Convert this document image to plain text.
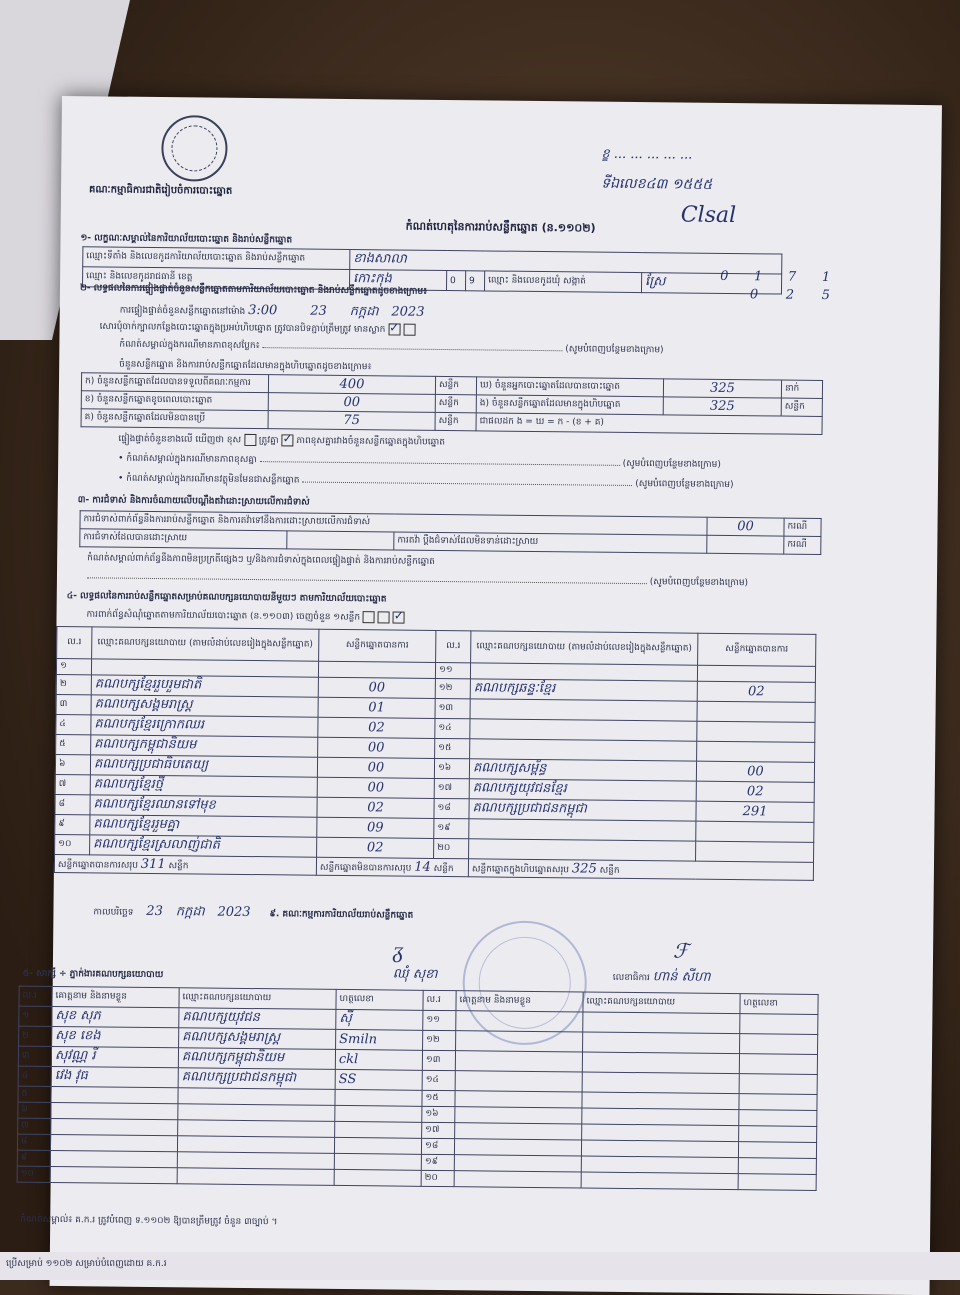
គណៈកម្មាធិការជាតិរៀបចំការបោះឆ្នោត
ខ្ខ ... ... ... ... ...
ទីឯលេខ៤៣ ១៥៥៥
Clsal
កំណត់ហេតុនៃការរាប់សន្លឹកឆ្នោត (ន.១១០២)
១- លក្ខណៈសម្គាល់នៃការិយាល័យបោះឆ្នោត និងរាប់សន្លឹកឆ្នោត
ឈ្មោះទីតាំង និងលេខកូដការិយាល័យបោះឆ្នោត និងរាប់សន្លឹកឆ្នោត	ខាងសាលា				
ឈ្មោះ និងលេខកូដរាជធានី ខេត្ត	កោះកុង	0	9	ឈ្មោះ និងលេខកូដឃុំ សង្កាត់	ស្រែ	0 1 7 1
0 2 5
២- លទ្ធផលនៃការផ្ទៀងផ្ទាត់ចំនួនសន្លឹកឆ្នោតតាមការិយាល័យបោះឆ្នោត និងរាប់សន្លឹកឆ្នោតដូចខាងក្រោម៖
ការផ្ទៀងផ្ទាត់ចំនួនសន្លឹកឆ្នោតនៅម៉ោង 3:00	23 កក្កដា 2023
សោរបុំចាក់ក្បាលកន្លែងបោះឆ្នោតក្នុងប្រអប់ហិបឆ្នោត ត្រូវបានបិទភ្ជាប់ត្រឹមត្រូវ មានស្លាក ✓
កំណត់សម្គាល់ក្នុងករណីមានភាពខុសប្លែក៖	(សូមបំពេញបន្ថែមខាងក្រោម)
ចំនួនសន្លឹកឆ្នោត និងការរាប់សន្លឹកឆ្នោតដែលមានក្នុងហិបឆ្នោតដូចខាងក្រោម៖
ក) ចំនួនសន្លឹកឆ្នោតដែលបានទទួលពីគណៈកម្មការ	400	សន្លឹក	ឃ) ចំនួនអ្នកបោះឆ្នោតដែលបានបោះឆ្នោត	325	នាក់
ខ) ចំនួនសន្លឹកឆ្នោតខូចពេលបោះឆ្នោត	00	សន្លឹក	ង) ចំនួនសន្លឹកឆ្នោតដែលមានក្នុងហិបឆ្នោត	325	សន្លឹក
គ) ចំនួនសន្លឹកឆ្នោតដែលមិនបានប្រើ	75	សន្លឹក	ជាផលដក ង = ឃ = ក - (ខ + គ)		
ផ្ទៀងផ្ទាត់ចំនួនខាងលើ ឃើញថា ខុស ត្រូវគ្នា ✓ ភាពខុសគ្នារវាងចំនួនសន្លឹកឆ្នោតក្នុងហិបឆ្នោត
• កំណត់សម្គាល់ក្នុងករណីមានភាពខុសគ្នា	(សូមបំពេញបន្ថែមខាងក្រោម)
• កំណត់សម្គាល់ក្នុងករណីមានវត្ថុមិនមែនជាសន្លឹកឆ្នោត	(សូមបំពេញបន្ថែមខាងក្រោម)
៣- ការជំទាស់ និងការចំណាយលើបណ្ដឹងតវ៉ាដោះស្រាយលើការជំទាស់
ការជំទាស់ពាក់ព័ន្ធនឹងការរាប់សន្លឹកឆ្នោត និងការតវ៉ាទៅនឹងការដោះស្រាយលើការជំទាស់			00	ករណី
ការជំទាស់ដែលបានដោះស្រាយ		ការតវ៉ា ប្ដឹងជំទាស់ដែលមិនទាន់ដោះស្រាយ		ករណី
កំណត់សម្គាល់ពាក់ព័ន្ធនឹងភាពមិនប្រក្រតីផ្សេងៗ ឬ/និងការជំទាស់ក្នុងពេលផ្ទៀងផ្ទាត់ និងការរាប់សន្លឹកឆ្នោត
(សូមបំពេញបន្ថែមខាងក្រោម)
៤- លទ្ធផលនៃការរាប់សន្លឹកឆ្នោតសម្រាប់គណបក្សនយោបាយនីមួយៗ តាមការិយាល័យបោះឆ្នោត
ការពាក់ព័ន្ធសំណុំឆ្នោតតាមការិយាល័យបោះឆ្នោត (ន.១១០៣) ចេញចំនួន ១សន្លឹក   ✓
ល.រ	ឈ្មោះគណបក្សនយោបាយ (តាមលំដាប់លេខរៀងក្នុងសន្លឹកឆ្នោត)	សន្លឹកឆ្នោតបានការ	ល.រ	ឈ្មោះគណបក្សនយោបាយ (តាមលំដាប់លេខរៀងក្នុងសន្លឹកឆ្នោត)	សន្លឹកឆ្នោតបានការ
១			១១		
២	គណបក្សខ្មែររួបរួមជាតិ	00	១២	គណបក្សឆន្ទៈខ្មែរ	02
៣	គណបក្សសង្គមរាស្ត្រ	01	១៣		
៤	គណបក្សខ្មែរក្រោកឈរ	02	១៤		
៥	គណបក្សកម្ពុជានិយម	00	១៥		
៦	គណបក្សប្រជាធិបតេយ្យ	00	១៦	គណបក្សសម្ព័ន្ធ	00
៧	គណបក្សខ្មែរថ្មី	00	១៧	គណបក្សយុវជនខ្មែរ	02
៨	គណបក្សខ្មែរឈានទៅមុខ	02	១៨	គណបក្សប្រជាជនកម្ពុជា	291
៩	គណបក្សខ្មែររួមគ្នា	09	១៩		
១០	គណបក្សខ្មែរស្រលាញ់ជាតិ	02	២០		
សន្លឹកឆ្នោតបានការសរុប 311 សន្លឹក		សន្លឹកឆ្នោតមិនបានការសរុប 14 សន្លឹក		សន្លឹកឆ្នោតក្នុងហិបឆ្នោតសរុប 325 សន្លឹក	
កាលបរិច្ឆេទ 23 កក្កដា 2023 ៩. គណៈកម្មការការិយាល័យរាប់សន្លឹកឆ្នោត
ᵹ
ឈុំ សុខា
ℱ
លេខាធិការ ហាន់ សីហា
៥- សាក្សី ÷ ភ្នាក់ងារគណបក្សនយោបាយ
ល.រ	គោត្តនាម និងនាមខ្លួន	ឈ្មោះគណបក្សនយោបាយ	ហត្ថលេខា	ល.រ	គោត្តនាម និងនាមខ្លួន	ឈ្មោះគណបក្សនយោបាយ	ហត្ថលេខា
១	សុខ សុភ	គណបក្សយុវជន	ស៊ី	១១			
២	សុខ ខេង	គណបក្សសង្គមរាស្ត្រ	Smiln	១២			
៣	សុវណ្ណ រី	គណបក្សកម្ពុជានិយម	ckl	១៣			
៤	វេង វុធ	គណបក្សប្រជាជនកម្ពុជា	SS	១៤			
៥				១៥			
៦				១៦			
៧				១៧			
៨				១៨			
៩				១៩			
១០				២០			
កំណត់សម្គាល់៖ គ.ក.រ ត្រូវបំពេញ ទ.១១០២ ឱ្យបានត្រឹមត្រូវ ចំនួន ៣ច្បាប់ ។
ប្រើសម្រាប់ ១១០២ សម្រាប់បំពេញដោយ គ.ក.រ
